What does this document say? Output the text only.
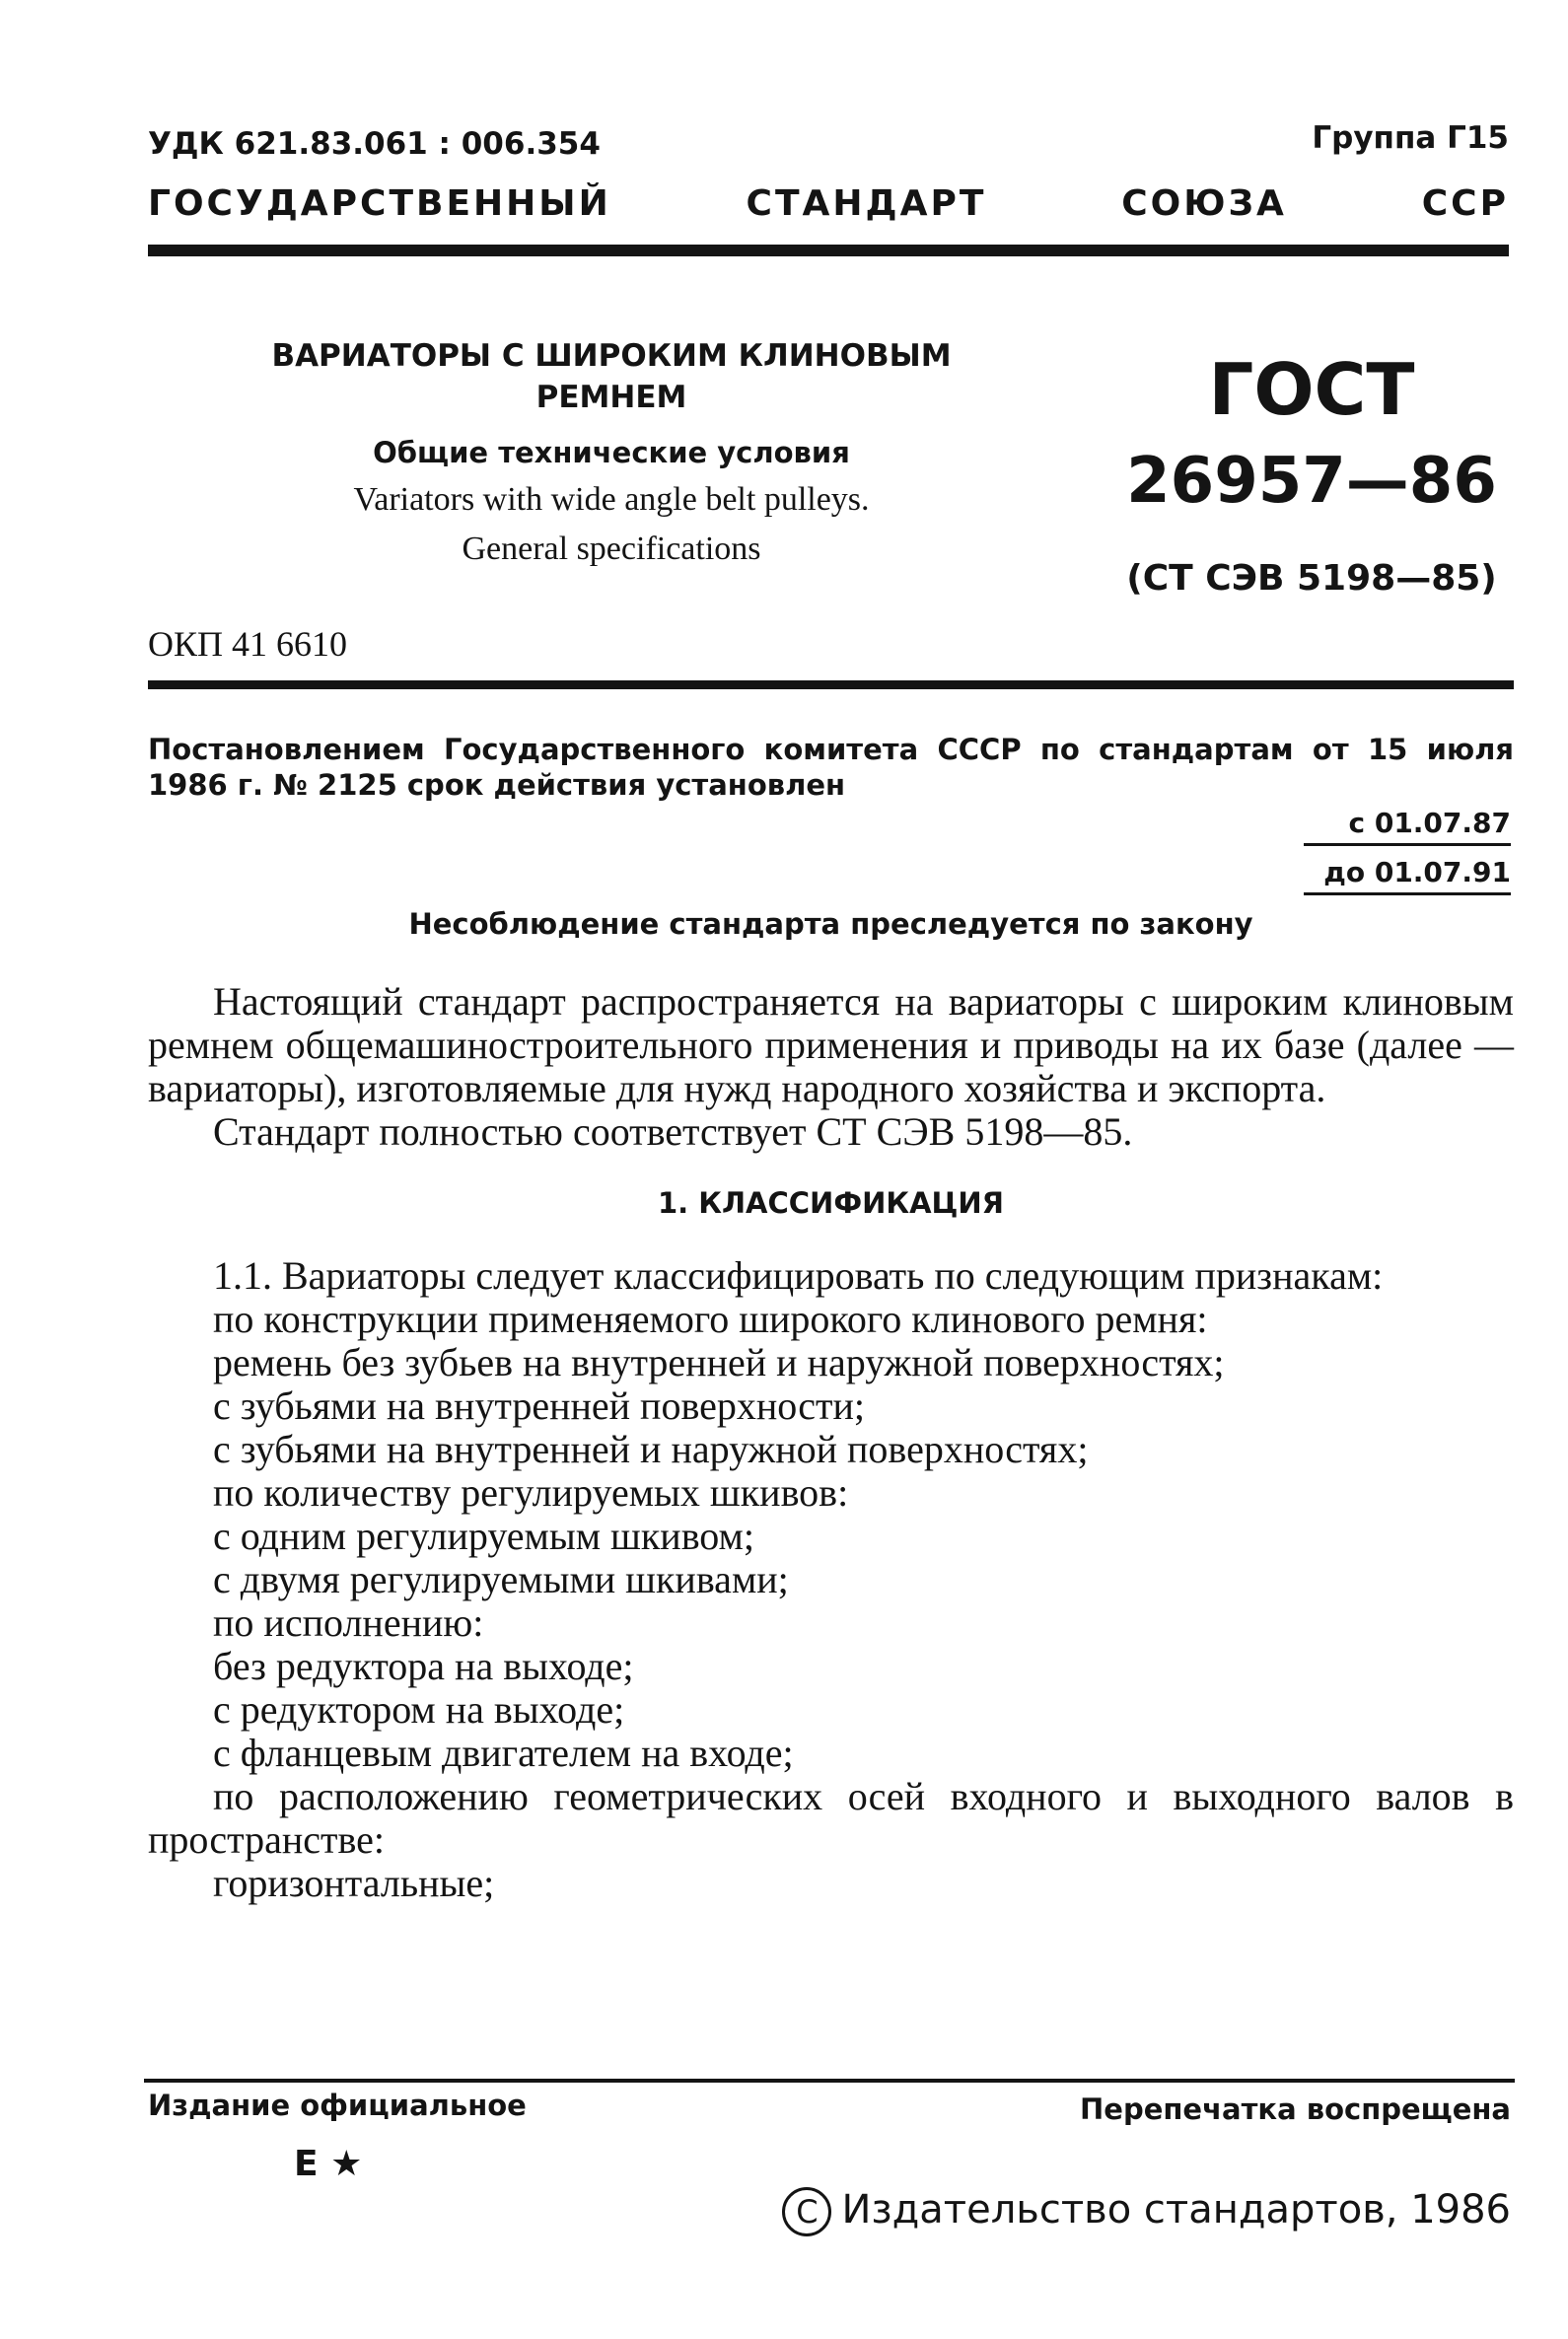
УДК 621.83.061 : 006.354	Группа Г15
ГОСУДАРСТВЕННЫЙ	СТАНДАРТ	СОЮЗА	ССР
ВАРИАТОРЫ С ШИРОКИМ КЛИНОВЫМ
РЕМНЕМ
Общие технические условия
Variators with wide angle belt pulleys.
General specifications
ГОСТ
26957—86
(СТ СЭВ 5198—85)
ОКП 41 6610
Постановлением Государственного комитета СССР по стандартам от 15 июля 1986 г. № 2125 срок действия установлен
с 01.07.87
до 01.07.91
Несоблюдение стандарта преследуется по закону

Настоящий стандарт распространяется на вариаторы с широким клиновым ремнем общемашиностроительного применения и приводы на их базе (далее — вариаторы), изготовляемые для нужд народного хозяйства и экспорта.

Стандарт полностью соответствует СТ СЭВ 5198—85.

1. КЛАССИФИКАЦИЯ

1.1. Вариаторы следует классифицировать по следующим признакам:

по конструкции применяемого широкого клинового ремня:
ремень без зубьев на внутренней и наружной поверхностях;
с зубьями на внутренней поверхности;
с зубьями на внутренней и наружной поверхностях;
по количеству регулируемых шкивов:
с одним регулируемым шкивом;
с двумя регулируемыми шкивами;
по исполнению:
без редуктора на выходе;
с редуктором на выходе;
с фланцевым двигателем на входе;

по расположению геометрических осей входного и выходного валов в пространстве:

горизонтальные;
Издание официальное	Перепечатка воспрещена
Е ★
С Издательство стандартов, 1986
